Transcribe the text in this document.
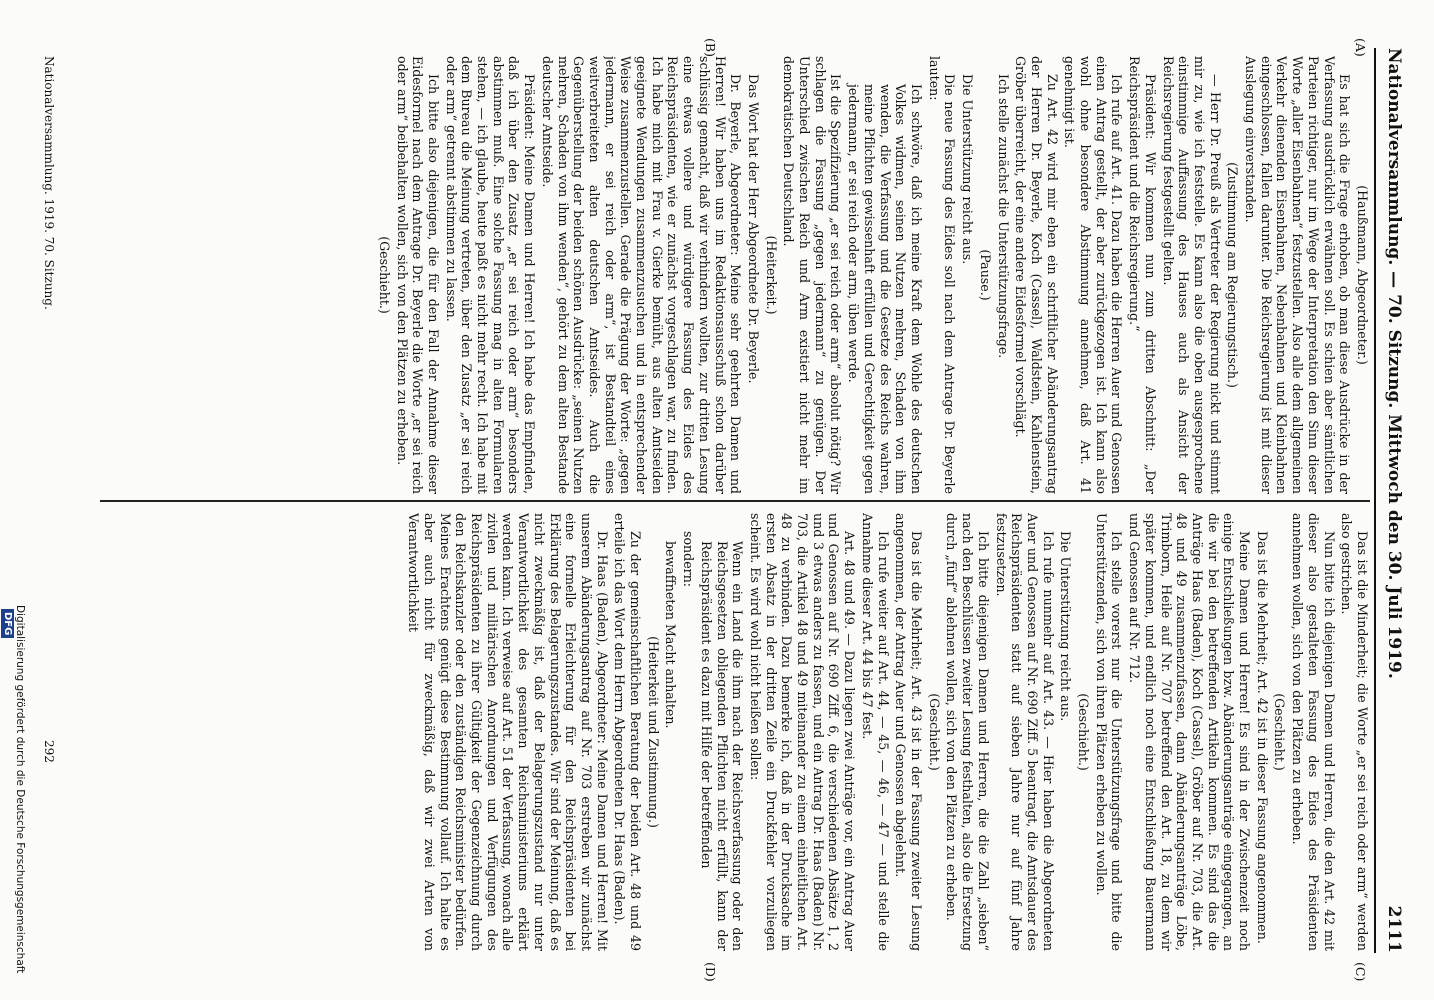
Nationalversammlung. — 70. Sitzung. Mittwoch den 30. Juli 1919.
2111
(A)
(B)
(C)
(D)

(Haußmann, Abgeordneter.)

Es hat sich die Frage erhoben, ob man diese Ausdrücke in der Verfassung ausdrücklich erwähnen soll. Es schien aber sämtlichen Parteien richtiger, nur im Wege der Interpretation den Sinn dieser Worte „aller Eisenbahnen“ festzustellen. Also alle dem allgemeinen Verkehr dienenden Eisenbahnen, Nebenbahnen und Kleinbahnen eingeschlossen, fallen darunter. Die Reichsregierung ist mit dieser Auslegung einverstanden.

(Zustimmung am Regierungstisch.)

— Herr Dr. Preuß als Vertreter der Regierung nickt und stimmt mir zu, wie ich feststelle. Es kann also die oben ausgesprochene einstimmige Auffassung des Hauses auch als Ansicht der Reichsregierung festgestellt gelten.

Präsident: Wir kommen nun zum dritten Abschnitt: „Der Reichspräsident und die Reichsregierung.“

Ich rufe auf Art. 41. Dazu haben die Herren Auer und Genossen einen Antrag gestellt, der aber zurückgezogen ist. Ich kann also wohl ohne besondere Abstimmung annehmen, daß Art. 41 genehmigt ist.

Zu Art. 42 wird mir eben ein schriftlicher Abänderungsantrag der Herren Dr. Beyerle, Koch (Cassel), Waldstein, Kahlenstein, Gröber überreicht, der eine andere Eidesformel vorschlägt.

Ich stelle zunächst die Unterstützungsfrage.

(Pause.)

Die Unterstützung reicht aus.

Die neue Fassung des Eides soll nach dem Antrage Dr. Beyerle lauten:

Ich schwöre, daß ich meine Kraft dem Wohle des deutschen Volkes widmen, seinen Nutzen mehren, Schaden von ihm wenden, die Verfassung und die Gesetze des Reichs wahren, meine Pflichten gewissenhaft erfüllen und Gerechtigkeit gegen jedermann, er sei reich oder arm, üben werde.

Ist die Spezifizierung „er sei reich oder arm“ absolut nötig? Wir schlagen die Fassung „gegen jedermann“ zu genügen. Der Unterschied zwischen Reich und Arm existiert nicht mehr im demokratischen Deutschland.

(Heiterkeit.)

Das Wort hat der Herr Abgeordnete Dr. Beyerle.

Dr. Beyerle, Abgeordneter: Meine sehr geehrten Damen und Herren! Wir haben uns im Redaktionsausschuß schon darüber schlüssig gemacht, daß wir verhindern wollten, zur dritten Lesung eine etwas vollere und würdigere Fassung des Eides des Reichspräsidenten, wie er zunächst vorgeschlagen war, zu finden. Ich habe mich mit Frau v. Gierke bemüht, aus alten Amtseiden geeignete Wendungen zusammenzusuchen und in entsprechender Weise zusammenzustellen. Gerade die Prägung der Worte: „gegen jedermann, er sei reich oder arm“, ist Bestandteil eines weitverbreiteten alten deutschen Amtseides. Auch die Gegenüberstellung der beiden schönen Ausdrücke: „seinen Nutzen mehren, Schaden von ihm wenden“, gehört zu dem alten Bestande deutscher Amtseide.

Präsident: Meine Damen und Herren! Ich habe das Empfinden, daß ich über den Zusatz „er sei reich oder arm“ besonders abstimmen muß. Eine solche Fassung mag in alten Formularen stehen, — ich glaube, heute paßt es nicht mehr recht. Ich habe mit dem Bureau die Meinung vertreten, über den Zusatz „er sei reich oder arm“ getrennt abstimmen zu lassen.

Ich bitte also diejenigen, die für den Fall der Annahme dieser Eidesformel nach dem Antrage Dr. Beyerle die Worte „er sei reich oder arm“ beibehalten wollen, sich von den Plätzen zu erheben.

(Geschieht.)

Das ist die Minderheit; die Worte „er sei reich oder arm“ werden also gestrichen.

Nun bitte ich diejenigen Damen und Herren, die den Art. 42 mit dieser also gestalteten Fassung des Eides des Präsidenten annehmen wollen, sich von den Plätzen zu erheben.

(Geschieht.)

Das ist die Mehrheit; Art. 42 ist in dieser Fassung angenommen.

Meine Damen und Herren! Es sind in der Zwischenzeit noch einige Entschließungen bzw. Abänderungsanträge eingegangen, an die wir bei den betreffenden Artikeln kommen. Es sind das die Anträge Haas (Baden), Koch (Cassel), Gröber auf Nr. 703, die Art. 48 und 49 zusammenzufassen, dann Abänderungsanträge Löbe, Trimborn, Heile auf Nr. 707 betreffend den Art. 18, zu dem wir später kommen, und endlich noch eine Entschließung Bauermann und Genossen auf Nr. 712.

Ich stelle vorerst nur die Unterstützungsfrage und bitte die Unterstützenden, sich von ihren Plätzen erheben zu wollen.

(Geschieht.)

Die Unterstützung reicht aus.

Ich rufe nunmehr auf Art. 43. — Hier haben die Abgeordneten Auer und Genossen auf Nr. 690 Ziff. 5 beantragt, die Amtsdauer des Reichspräsidenten statt auf sieben Jahre nur auf fünf Jahre festzusetzen.

Ich bitte diejenigen Damen und Herren, die die Zahl „sieben“ nach den Beschlüssen zweiter Lesung festhalten, also die Ersetzung durch „fünf“ ablehnen wollen, sich von den Plätzen zu erheben.

(Geschieht.)

Das ist die Mehrheit; Art. 43 ist in der Fassung zweiter Lesung angenommen, der Antrag Auer und Genossen abgelehnt.

Ich rufe weiter auf Art. 44, — 45, — 46, — 47 — und stelle die Annahme dieser Art. 44 bis 47 fest.

Art. 48 und 49. — Dazu liegen zwei Anträge vor, ein Antrag Auer und Genossen auf Nr. 690 Ziff. 6, die verschiedenen Absätze 1, 2 und 3 etwas anders zu fassen, und ein Antrag Dr. Haas (Baden) Nr. 703, die Artikel 48 und 49 miteinander zu einem einheitlichen Art. 48 zu verbinden. Dazu bemerke ich, daß in der Drucksache im ersten Absatz in der dritten Zeile ein Druckfehler vorzuliegen scheint. Es wird wohl nicht heißen sollen:

Wenn ein Land die ihm nach der Reichsverfassung oder den Reichsgesetzen obliegenden Pflichten nicht erfüllt, kann der Reichspräsident es dazu mit Hilfe der betreffenden

sondern:

bewaffneten Macht anhalten.

(Heiterkeit und Zustimmung.)

Zu der gemeinschaftlichen Beratung der beiden Art. 48 und 49 erteile ich das Wort dem Herrn Abgeordneten Dr. Haas (Baden).

Dr. Haas (Baden), Abgeordneter: Meine Damen und Herren! Mit unserem Abänderungsantrag auf Nr. 703 erstreben wir zunächst eine formelle Erleichterung für den Reichspräsidenten bei Erklärung des Belagerungszustandes. Wir sind der Meinung, daß es nicht zweckmäßig ist, daß der Belagerungszustand nur unter Verantwortlichkeit des gesamten Reichsministeriums erklärt werden kann. Ich verweise auf Art. 51 der Verfassung, wonach alle zivilen und militärischen Anordnungen und Verfügungen des Reichspräsidenten zu ihrer Gültigkeit der Gegenzeichnung durch den Reichskanzler oder den zuständigen Reichsminister bedürfen. Meines Erachtens genügt diese Bestimmung vollauf. Ich halte es aber auch nicht für zweckmäßig, daß wir zwei Arten von Verantwortlichkeit

Nationalversammlung. 1919. 70. Sitzung.
292
Digitalisierung gefördert durch die Deutsche ForschungsgemeinschaftDFG
